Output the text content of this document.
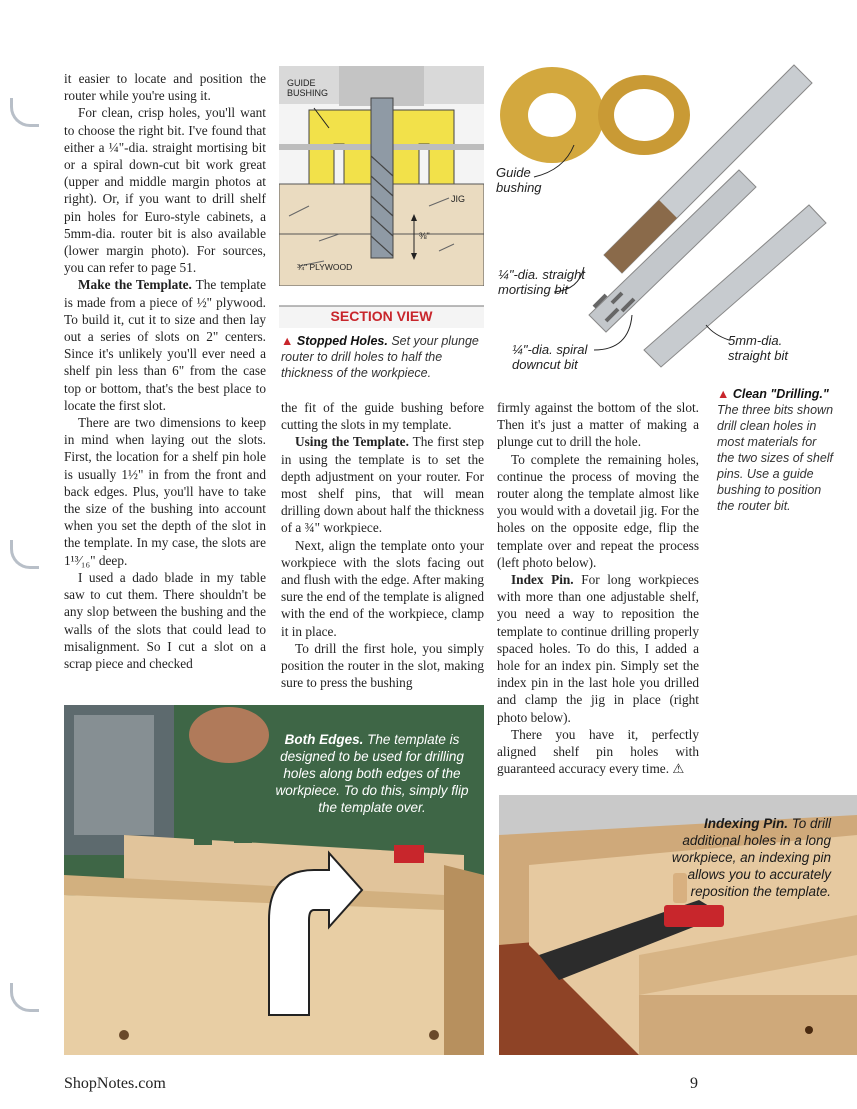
it easier to locate and position the router while you're using it.

For clean, crisp holes, you'll want to choose the right bit. I've found that either a ¼"-dia. straight mortising bit or a spiral down-cut bit work great (upper and middle margin photos at right). Or, if you want to drill shelf pin holes for Euro-style cabinets, a 5mm-dia. router bit is also available (lower margin photo). For sources, you can refer to page 51.

Make the Template. The template is made from a piece of ½" plywood. To build it, cut it to size and then lay out a series of slots on 2" centers. Since it's unlikely you'll ever need a shelf pin less than 6" from the case top or bottom, that's the best place to locate the first slot.

There are two dimensions to keep in mind when laying out the slots. First, the location for a shelf pin hole is usually 1½" in from the front and back edges. Plus, you'll have to take the size of the bushing into account when you set the depth of the slot in the template. In my case, the slots are 1¹³⁄₁₆" deep.

I used a dado blade in my table saw to cut them. There shouldn't be any slop between the bushing and the walls of the slots that could lead to misalignment. So I cut a slot on a scrap piece and checked

GUIDE BUSHING
JIG
⅜"
¾" PLYWOOD
SECTION VIEW
▲ Stopped Holes. Set your plunge router to drill holes to half the thickness of the workpiece.

the fit of the guide bushing before cutting the slots in my template.

Using the Template. The first step in using the template is to set the depth adjustment on your router. For most shelf pins, that will mean drilling down about half the thickness of a ¾" workpiece.

Next, align the template onto your workpiece with the slots facing out and flush with the edge. After making sure the end of the template is aligned with the end of the workpiece, clamp it in place.

To drill the first hole, you simply position the router in the slot, making sure to press the bushing

Guide bushing
¼"-dia. straight mortising bit
¼"-dia. spiral downcut bit
5mm-dia. straight bit

firmly against the bottom of the slot. Then it's just a matter of making a plunge cut to drill the hole.

To complete the remaining holes, continue the process of moving the router along the template almost like you would with a dovetail jig. For the holes on the opposite edge, flip the template over and repeat the process (left photo below).

Index Pin. For long workpieces with more than one adjustable shelf, you need a way to reposition the template to continue drilling properly spaced holes. To do this, I added a hole for an index pin. Simply set the index pin in the last hole you drilled and clamp the jig in place (right photo below).

There you have it, perfectly aligned shelf pin holes with guaranteed accuracy every time. ⚠

▲ Clean "Drilling." The three bits shown drill clean holes in most materials for the two sizes of shelf pins. Use a guide bushing to position the router bit.
Both Edges. The template is designed to be used for drilling holes along both edges of the workpiece. To do this, simply flip the template over.
Indexing Pin. To drill additional holes in a long workpiece, an indexing pin allows you to accurately reposition the template.
ShopNotes.com	9
